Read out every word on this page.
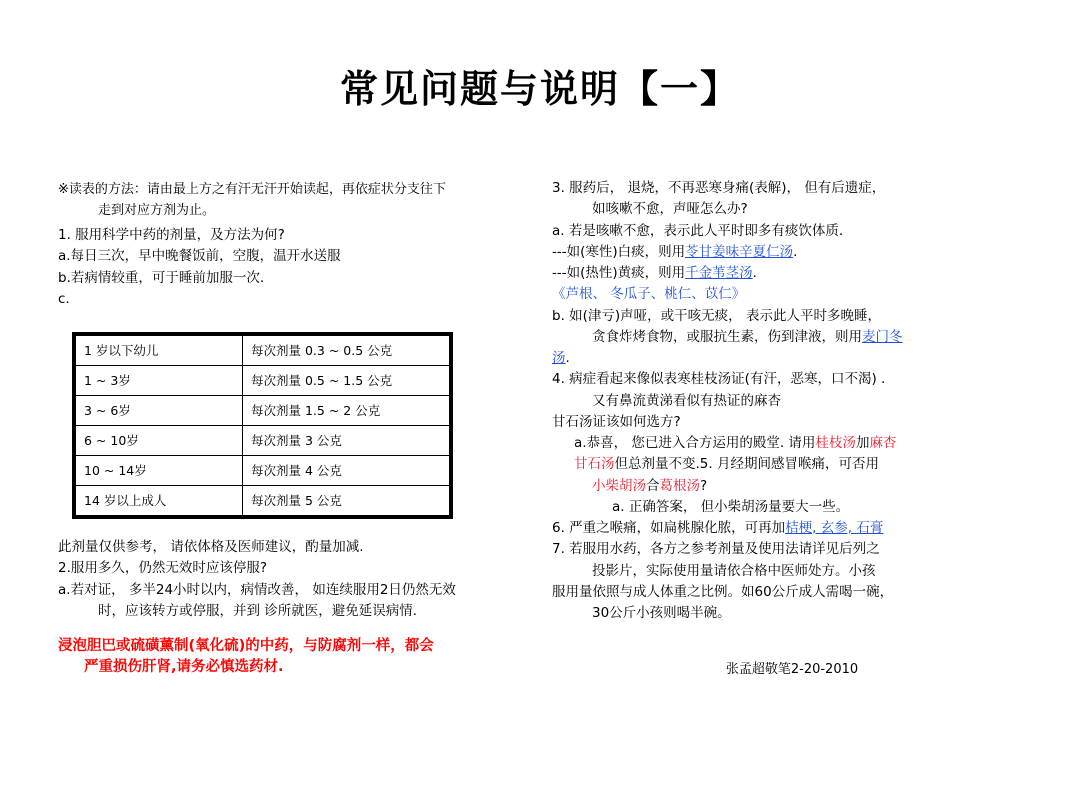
常见问题与说明【一】
※读表的方法：请由最上方之有汗无汗开始读起，再依症状分支往下
走到对应方剂为止。
1. 服用科学中药的剂量，及方法为何?
a.每日三次，早中晚餐饭前，空腹，温开水送服
b.若病情较重，可于睡前加服一次.
c.
1 岁以下幼儿	每次剂量 0.3 ~ 0.5 公克
1 ~ 3岁	每次剂量 0.5 ~ 1.5 公克
3 ~ 6岁	每次剂量 1.5 ~ 2 公克
6 ~ 10岁	每次剂量 3 公克
10 ~ 14岁	每次剂量 4 公克
14 岁以上成人	每次剂量 5 公克
此剂量仅供参考， 请依体格及医师建议，酌量加减.
2.服用多久，仍然无效时应该停服?
a.若对证， 多半24小时以内，病情改善， 如连续服用2日仍然无效
时，应该转方或停服，并到 诊所就医，避免延误病情.
浸泡胆巴或硫磺薰制(氧化硫)的中药，与防腐剂一样，都会
严重损伤肝肾,请务必慎选药材.
3. 服药后， 退烧，不再恶寒身痛(表解)， 但有后遗症，
如咳嗽不愈，声哑怎么办?
a. 若是咳嗽不愈，表示此人平时即多有痰饮体质.
---如(寒性)白痰，则用苓甘姜味辛夏仁汤.
---如(热性)黄痰，则用千金苇茎汤.
《芦根、 冬瓜子、桃仁、苡仁》
b. 如(津亏)声哑，或干咳无痰， 表示此人平时多晚睡，
贪食炸烤食物，或服抗生素，伤到津液，则用麦门冬
汤.
4. 病症看起来像似表寒桂枝汤证(有汗，恶寒，口不渴) .
又有鼻流黄涕看似有热证的麻杏
甘石汤证该如何选方?
a.恭喜， 您已进入合方运用的殿堂. 请用桂枝汤加麻杏
甘石汤但总剂量不变.5. 月经期间感冒喉痛，可否用
小柴胡汤合葛根汤?
a. 正确答案， 但小柴胡汤量要大一些。
6. 严重之喉痛，如扁桃腺化脓，可再加桔梗, 玄参, 石膏
7. 若服用水药，各方之参考剂量及使用法请详见后列之
投影片，实际使用量请依合格中医师处方。小孩
服用量依照与成人体重之比例。如60公斤成人需喝一碗，
30公斤小孩则喝半碗。
张孟超敬笔2-20-2010
